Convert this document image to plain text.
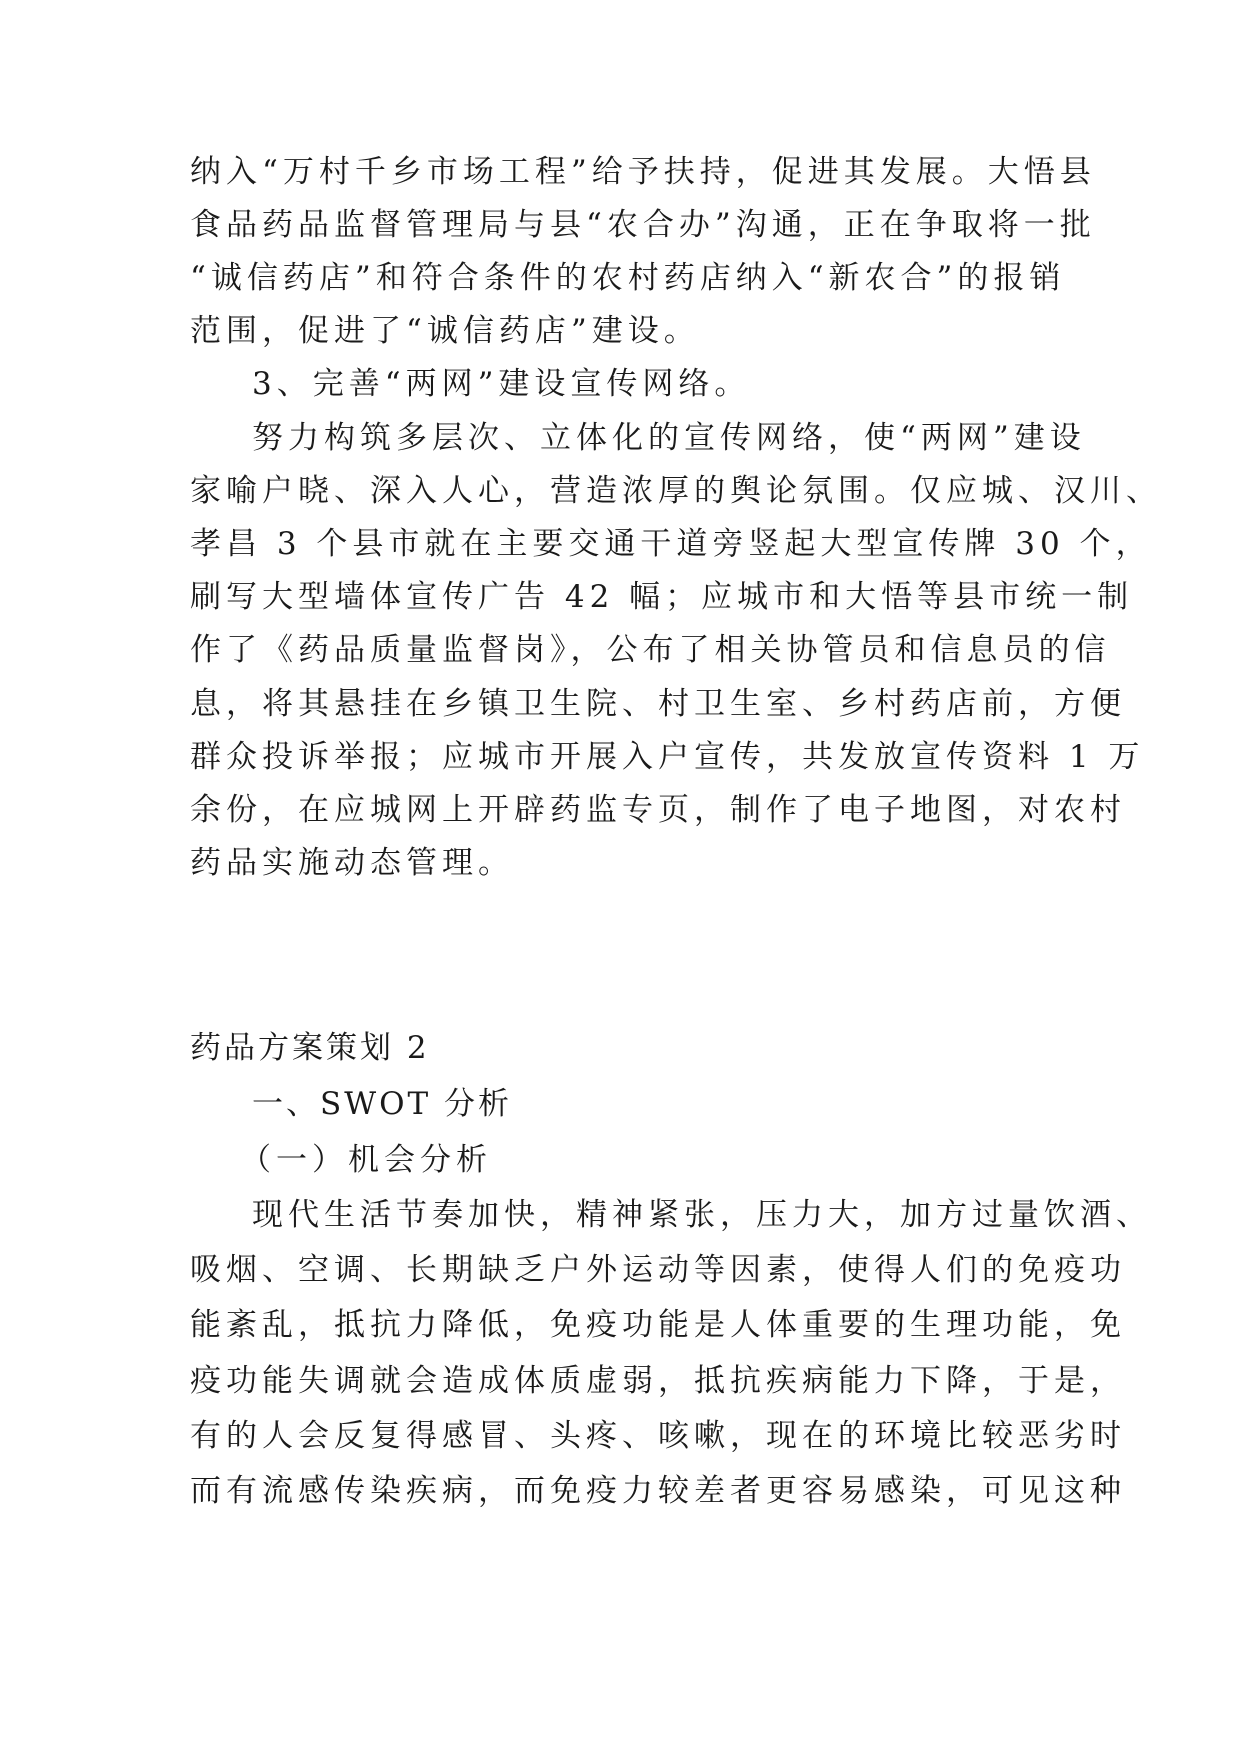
纳入“万村千乡市场工程”给予扶持，促进其发展。大悟县
食品药品监督管理局与县“农合办”沟通，正在争取将一批
“诚信药店”和符合条件的农村药店纳入“新农合”的报销
范围，促进了“诚信药店”建设。
3、完善“两网”建设宣传网络。
努力构筑多层次、立体化的宣传网络，使“两网”建设
家喻户晓、深入人心，营造浓厚的舆论氛围。仅应城、汉川、
孝昌 3 个县市就在主要交通干道旁竖起大型宣传牌 30 个，
刷写大型墙体宣传广告 42 幅；应城市和大悟等县市统一制
作了《药品质量监督岗》，公布了相关协管员和信息员的信
息，将其悬挂在乡镇卫生院、村卫生室、乡村药店前，方便
群众投诉举报；应城市开展入户宣传，共发放宣传资料 1 万
余份，在应城网上开辟药监专页，制作了电子地图，对农村
药品实施动态管理。
药品方案策划 2
一、SWOT 分析
（一）机会分析
现代生活节奏加快，精神紧张，压力大，加方过量饮酒、
吸烟、空调、长期缺乏户外运动等因素，使得人们的免疫功
能紊乱，抵抗力降低，免疫功能是人体重要的生理功能，免
疫功能失调就会造成体质虚弱，抵抗疾病能力下降，于是，
有的人会反复得感冒、头疼、咳嗽，现在的环境比较恶劣时
而有流感传染疾病，而免疫力较差者更容易感染，可见这种
